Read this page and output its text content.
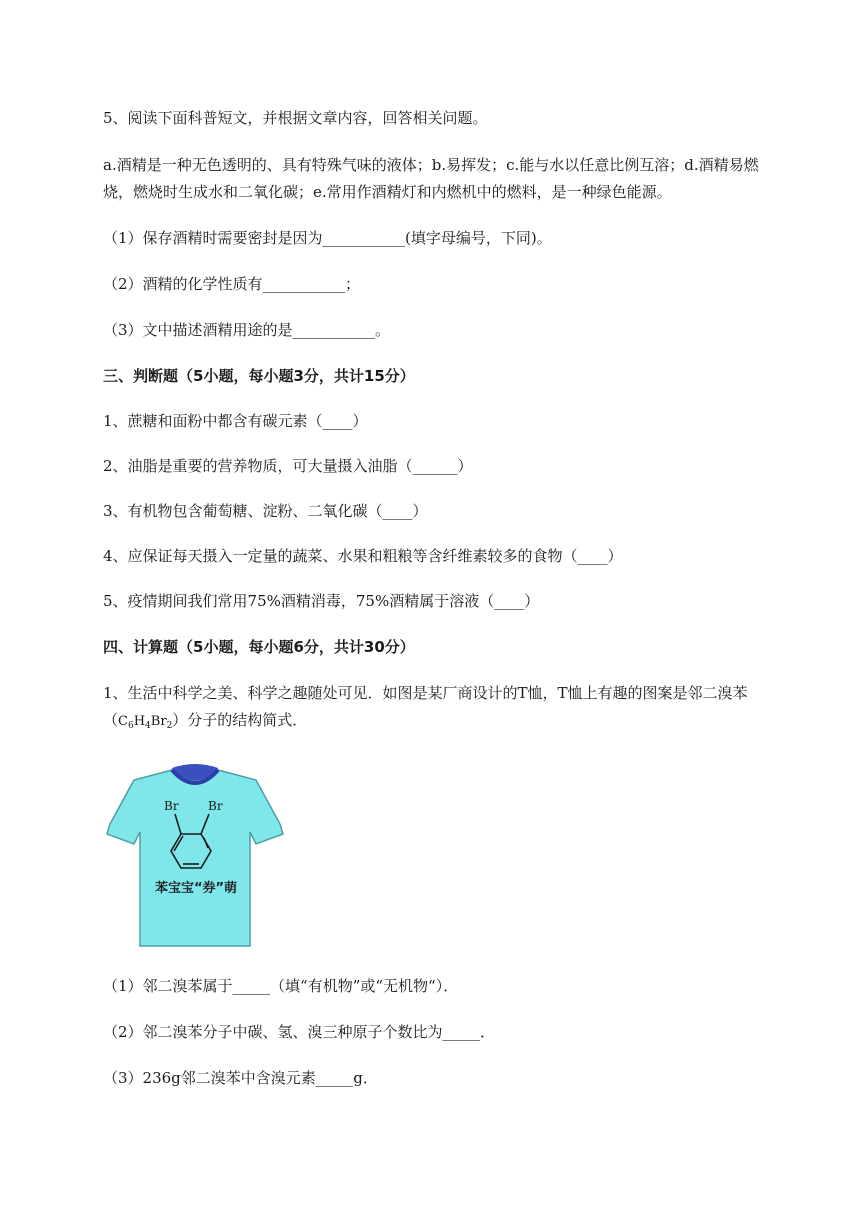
5、阅读下面科普短文，并根据文章内容，回答相关问题。
a.酒精是一种无色透明的、具有特殊气味的液体；b.易挥发；c.能与水以任意比例互溶；d.酒精易燃
烧，燃烧时生成水和二氧化碳；e.常用作酒精灯和内燃机中的燃料，是一种绿色能源。
（1）保存酒精时需要密封是因为___________(填字母编号，下同)。
（2）酒精的化学性质有___________；
（3）文中描述酒精用途的是___________。
三、判断题（5小题，每小题3分，共计15分）
1、蔗糖和面粉中都含有碳元素（____）
2、油脂是重要的营养物质，可大量摄入油脂（______）
3、有机物包含葡萄糖、淀粉、二氧化碳（____）
4、应保证每天摄入一定量的蔬菜、水果和粗粮等含纤维素较多的食物（____）
5、疫情期间我们常用75%酒精消毒，75%酒精属于溶液（____）
四、计算题（5小题，每小题6分，共计30分）
1、生活中科学之美、科学之趣随处可见．如图是某厂商设计的T恤，T恤上有趣的图案是邻二溴苯
$(C_6H_4Br_2)$分子的结构简式．
Br Br
苯宝宝“券”萌
（1）邻二溴苯属于_____（填“有机物”或“无机物“）．
（2）邻二溴苯分子中碳、氢、溴三种原子个数比为_____．
（3）236g邻二溴苯中含溴元素_____g．
